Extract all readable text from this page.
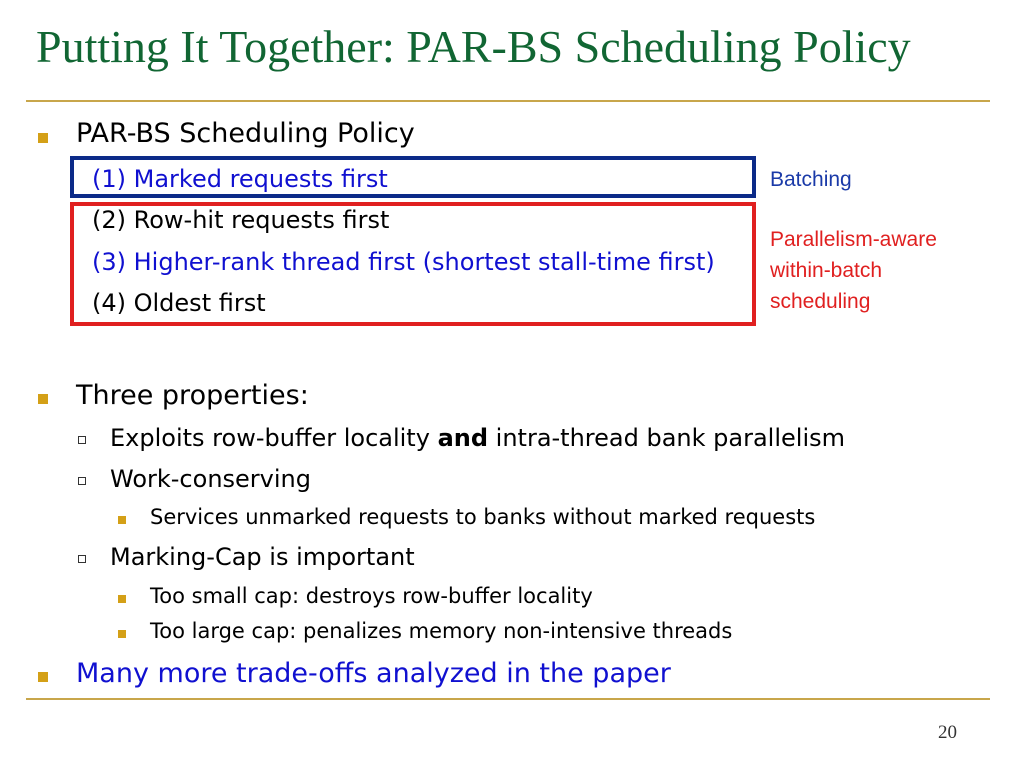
Putting It Together: PAR-BS Scheduling Policy
PAR-BS Scheduling Policy
(1) Marked requests first
(2) Row-hit requests first
(3) Higher-rank thread first (shortest stall-time first)
(4) Oldest first
Batching
Parallelism-aware
within-batch
scheduling
Three properties:
Exploits row-buffer locality and intra-thread bank parallelism
Work-conserving
Services unmarked requests to banks without marked requests
Marking-Cap is important
Too small cap: destroys row-buffer locality
Too large cap: penalizes memory non-intensive threads
Many more trade-offs analyzed in the paper
20
